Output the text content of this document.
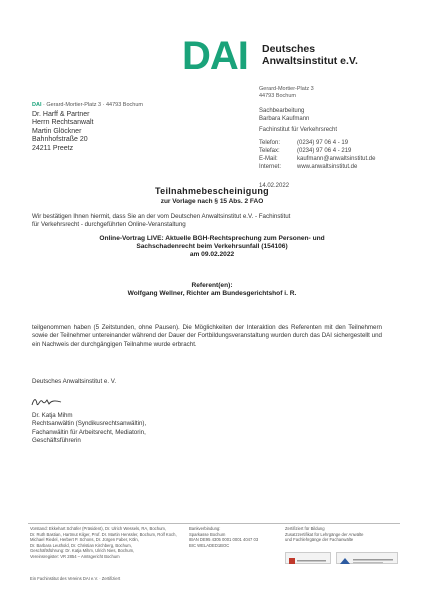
DAI Deutsches
Anwaltsinstitut e.V.
Gerard-Mortier-Platz 3
44793 Bochum
DAI · Gerard-Mortier-Platz 3 · 44793 Bochum
Dr. Harff & Partner
Herrn Rechtsanwalt
Martin Glöckner
Bahnhofstraße 20
24211 Preetz
Sachbearbeitung
Barbara Kaufmann
Fachinstitut für Verkehrsrecht
Telefon:	(0234) 97 06 4 - 19
Telefax:	(0234) 97 06 4 - 219
E-Mail:	kaufmann@anwaltsinstitut.de
Internet:	www.anwaltsinstitut.de
14.02.2022
Teilnahmebescheinigung
zur Vorlage nach § 15 Abs. 2 FAO
Wir bestätigen Ihnen hiermit, dass Sie an der vom Deutschen Anwaltsinstitut e.V. - Fachinstitut
für Verkehrsrecht - durchgeführten Online-Veranstaltung
Online-Vortrag LIVE: Aktuelle BGH-Rechtsprechung zum Personen- und
Sachschadenrecht beim Verkehrsunfall (154106)
am 09.02.2022
Referent(en):
Wolfgang Wellner, Richter am Bundesgerichtshof i. R.
teilgenommen haben (5 Zeitstunden, ohne Pausen). Die Möglichkeiten der Interaktion des Referenten mit den Teilnehmern sowie der Teilnehmer untereinander während der Dauer der Fortbildungsveranstaltung wurden durch das DAI sichergestellt und ein Nachweis der durchgängigen Teilnahme wurde erbracht.
Deutsches Anwaltsinstitut e. V.
Dr. Katja Mihm
Rechtsanwältin (Syndikusrechtsanwältin),
Fachanwältin für Arbeitsrecht, Mediatorin,
Geschäftsführerin
Vorstand: Ekkehart Schäfer (Präsident), Dr. Ulrich Wessels, RA, Bochum,
Dr. Ruth Bastian, Hartmut Kilger, Prof. Dr. Martin Henssler, Bochum, Rolf Koch,
Michael Riedel, Herbert P. Schons, Dr. Jürgen Faber, Köln,
Dr. Barbara Leuthold, Dr. Christian Kirchberg, Bochum,
Geschäftsführung: Dr. Katja Mihm, Ulrich Nies, Bochum,
Vereinsregister: VR 2854 – Amtsgericht Bochum
Bankverbindung:
Sparkasse Bochum
IBAN DE95 4305 0001 0001 4047 03
BIC WELADED1BOC
Zertifiziert für Bildung
Zusatzzertifikat für Lehrgänge der Anwälte
und Fachlehrgänge der Fachanwälte
Ein Fachinstitut des Vereins DAI e.V. · Zertifiziert
